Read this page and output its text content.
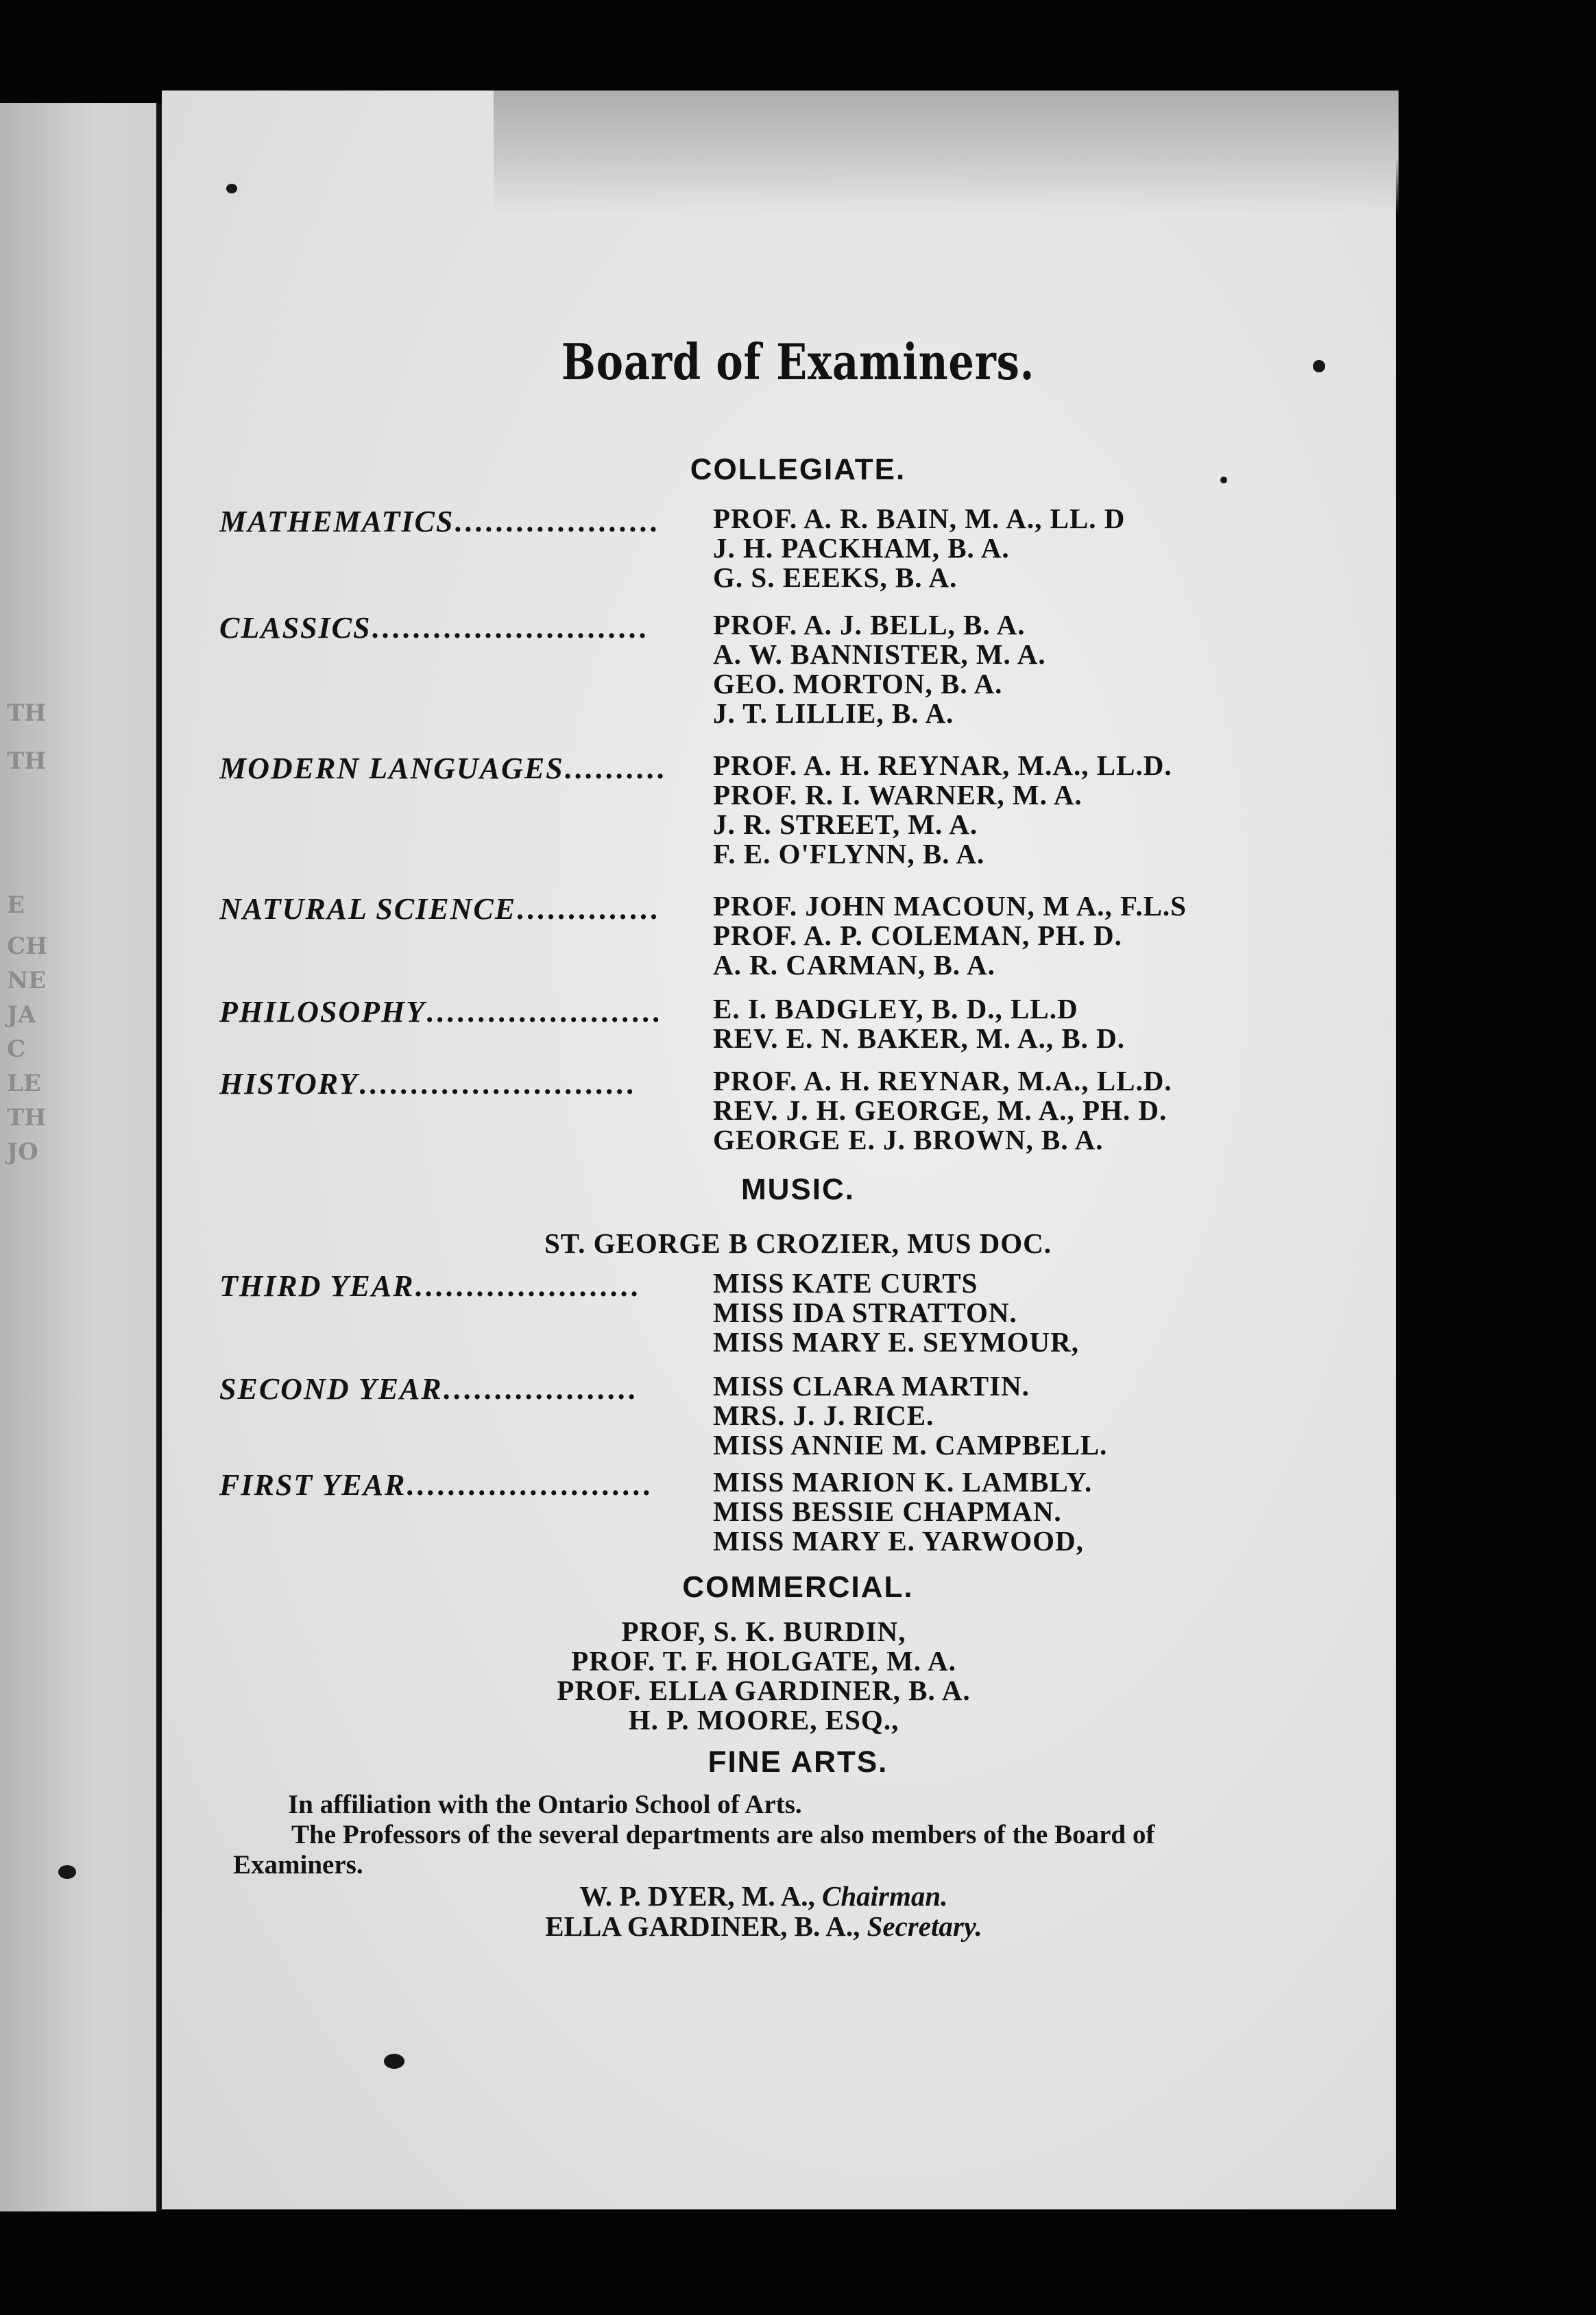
TH
TH
E
CH
NE
JA
C
LE
TH
JO
Board of Examiners.
COLLEGIATE.
MATHEMATICS....................	PROF. A. R. BAIN, M. A., LL. D
J. H. PACKHAM, B. A.
G. S. EEEKS, B. A.
CLASSICS...........................	PROF. A. J. BELL, B. A.
A. W. BANNISTER, M. A.
GEO. MORTON, B. A.
J. T. LILLIE, B. A.
MODERN LANGUAGES..........	PROF. A. H. REYNAR, M.A., LL.D.
PROF. R. I. WARNER, M. A.
J. R. STREET, M. A.
F. E. O'FLYNN, B. A.
NATURAL SCIENCE..............	PROF. JOHN MACOUN, M A., F.L.S
PROF. A. P. COLEMAN, PH. D.
A. R. CARMAN, B. A.
PHILOSOPHY.......................	E. I. BADGLEY, B. D., LL.D
REV. E. N. BAKER, M. A., B. D.
HISTORY...........................	PROF. A. H. REYNAR, M.A., LL.D.
REV. J. H. GEORGE, M. A., PH. D.
GEORGE E. J. BROWN, B. A.
MUSIC.
ST. GEORGE B CROZIER, MUS DOC.
THIRD YEAR......................	MISS KATE CURTS
MISS IDA STRATTON.
MISS MARY E. SEYMOUR,
SECOND YEAR...................	MISS CLARA MARTIN.
MRS. J. J. RICE.
MISS ANNIE M. CAMPBELL.
FIRST YEAR........................	MISS MARION K. LAMBLY.
MISS BESSIE CHAPMAN.
MISS MARY E. YARWOOD,
COMMERCIAL.
PROF, S. K. BURDIN,
PROF. T. F. HOLGATE, M. A.
PROF. ELLA GARDINER, B. A.
H. P. MOORE, ESQ.,
FINE ARTS.
In affiliation with the Ontario School of Arts.
The Professors of the several departments are also members of the Board of Examiners.
W. P. DYER, M. A., Chairman.
ELLA GARDINER, B. A., Secretary.
